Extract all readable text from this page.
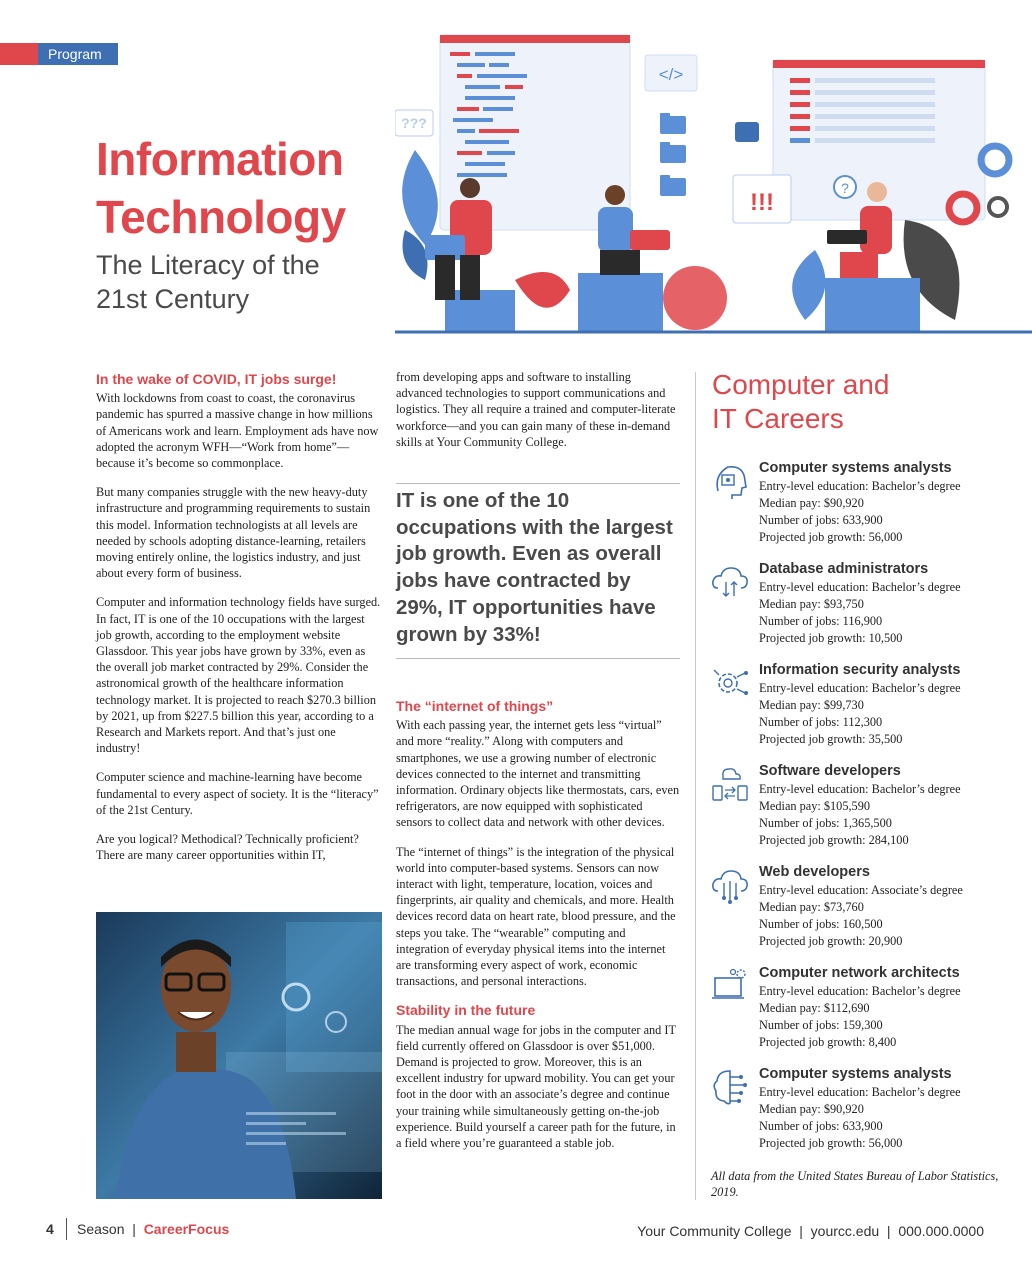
Program
Information
Technology
The Literacy of the
21st Century
</>
???
!!!
?
In the wake of COVID, IT jobs surge!

With lockdowns from coast to coast, the coronavirus pandemic has spurred a massive change in how millions of Americans work and learn. Employment ads have now adopted the acronym WFH—“Work from home”—because it’s become so commonplace.

But many companies struggle with the new heavy-duty infrastructure and programming requirements to sustain this model. Information technologists at all levels are needed by schools adopting distance-learning, retailers moving entirely online, the logistics industry, and just about every form of business.

Computer and information technology fields have surged. In fact, IT is one of the 10 occupations with the largest job growth, according to the employment website Glassdoor. This year jobs have grown by 33%, even as the overall job market contracted by 29%. Consider the astronomical growth of the healthcare information technology market. It is projected to reach $270.3 billion by 2021, up from $227.5 billion this year, according to a Research and Markets report. And that’s just one industry!

Computer science and machine-learning have become fundamental to every aspect of society. It is the “literacy” of the 21st Century.

Are you logical? Methodical? Technically proficient? There are many career opportunities within IT,

from developing apps and software to installing advanced technologies to support communications and logistics. They all require a trained and computer-literate workforce—and you can gain many of these in-demand skills at Your Community College.

IT is one of the 10 occupations with the largest job growth. Even as overall jobs have contracted by 29%, IT opportunities have grown by 33%!

The “internet of things”

With each passing year, the internet gets less “virtual” and more “reality.” Along with computers and smartphones, we use a growing number of electronic devices connected to the internet and transmitting information. Ordinary objects like thermostats, cars, even refrigerators, are now equipped with sophisticated sensors to collect data and network with other devices.

The “internet of things” is the integration of the physical world into computer-based systems. Sensors can now interact with light, temperature, location, voices and fingerprints, air quality and chemicals, and more. Health devices record data on heart rate, blood pressure, and the steps you take. The “wearable” computing and integration of everyday physical items into the internet are transforming every aspect of work, economic transactions, and personal interactions.

Stability in the future

The median annual wage for jobs in the computer and IT field currently offered on Glassdoor is over $51,000. Demand is projected to grow. Moreover, this is an excellent industry for upward mobility. You can get your foot in the door with an associate’s degree and continue your training while simultaneously getting on-the-job experience. Build yourself a career path for the future, in a field where you’re guaranteed a stable job.

Computer and
IT Careers
Computer systems analysts
Entry-level education: Bachelor’s degree
Median pay: $90,920
Number of jobs: 633,900
Projected job growth: 56,000
Database administrators
Entry-level education: Bachelor’s degree
Median pay: $93,750
Number of jobs: 116,900
Projected job growth: 10,500
Information security analysts
Entry-level education: Bachelor’s degree
Median pay: $99,730
Number of jobs: 112,300
Projected job growth: 35,500
Software developers
Entry-level education: Bachelor’s degree
Median pay: $105,590
Number of jobs: 1,365,500
Projected job growth: 284,100
Web developers
Entry-level education: Associate’s degree
Median pay: $73,760
Number of jobs: 160,500
Projected job growth: 20,900
Computer network architects
Entry-level education: Bachelor’s degree
Median pay: $112,690
Number of jobs: 159,300
Projected job growth: 8,400
Computer systems analysts
Entry-level education: Bachelor’s degree
Median pay: $90,920
Number of jobs: 633,900
Projected job growth: 56,000
All data from the United States Bureau of Labor Statistics, 2019.
4 Season | CareerFocus	Your Community College  |  yourcc.edu  |  000.000.0000
